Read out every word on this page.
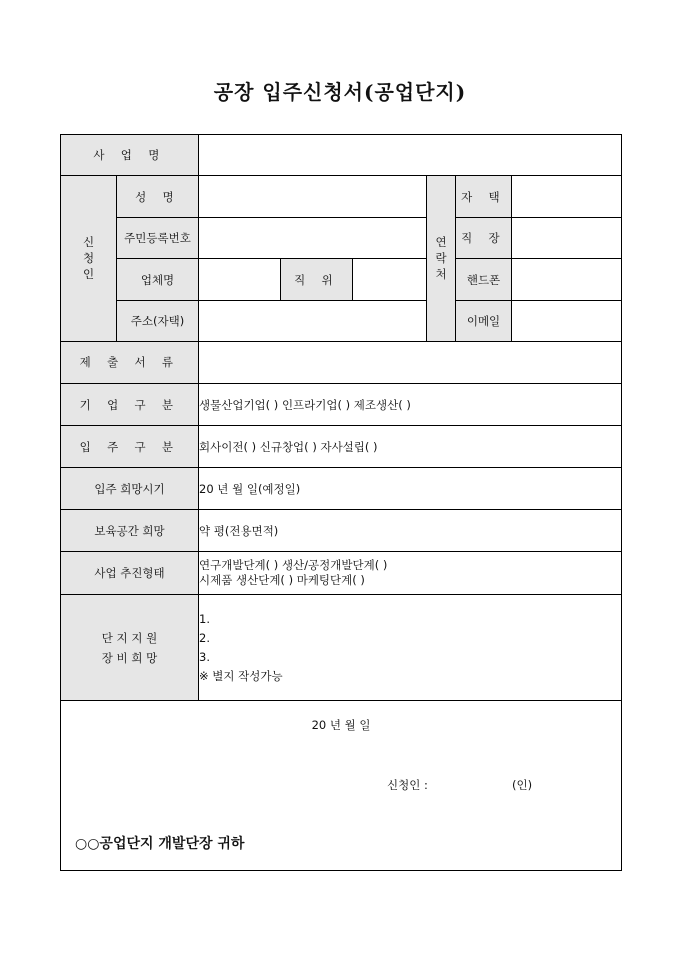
공장 입주신청서(공업단지)
사 업 명							
신청인	성 명				연락처	자 택	
	주민등록번호					직 장	
	업체명		직 위			핸드폰	
	주소(자택)					이메일	
제 출 서 류							
기 업 구 분		생물산업기업( ) 인프라기업( ) 제조생산( )					
입 주 구 분		회사이전( ) 신규창업( ) 자사설립( )					
입주 희망시기		20 년 월 일(예정일)					
보육공간 희망		약 평(전용면적)					
사업 추진형태		연구개발단계( ) 생산/공정개발단계( )
시제품 생산단계( ) 마케팅단계( )					

단 지 지 원
장 비 희 망		1.
2.
3.
※ 별지 작성가능					

20 년 월 일
신청인 : (인)
○○공업단지 개발단장 귀하							
